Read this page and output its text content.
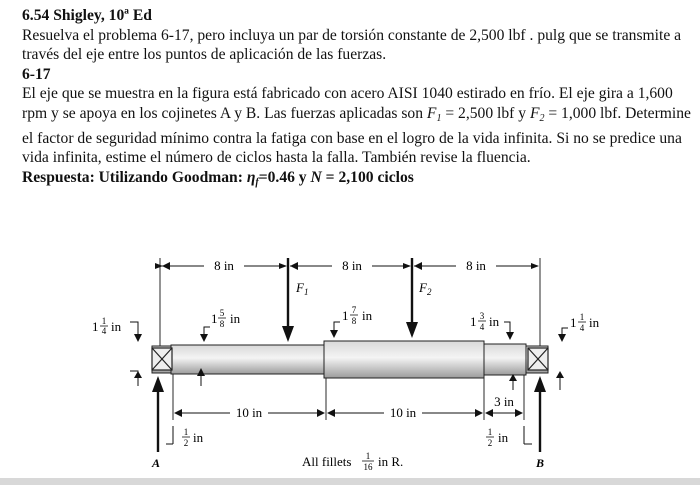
6.54 Shigley, 10ª Ed

Resuelva el problema 6-17, pero incluya un par de torsión constante de 2,500 lbf . pulg que se transmite a través del eje entre los puntos de aplicación de las fuerzas.

6-17

El eje que se muestra en la figura está fabricado con acero AISI 1040 estirado en frío. El eje gira a 1,600 rpm y se apoya en los cojinetes A y B. Las fuerzas aplicadas son $F_1 = 2,500$ lbf y $F_2 = 1,000$ lbf. Determine el factor de seguridad mínimo contra la fatiga con base en el logro de la vida infinita. Si no se predice una vida infinita, estime el número de ciclos hasta la falla. También revise la fluencia.

Respuesta: Utilizando Goodman: $\eta_f=0.46$ y N = 2,100 ciclos

8 in	8 in	8 in
$F_1$	$F_2$
A	B
1 1
4 in
1 5
8 in	1 7
8 in	1 3
4 in	1 1
4 in
10 in	10 in
3 in
1
2 in	1
2 in
All fillets 1
16 in R.
